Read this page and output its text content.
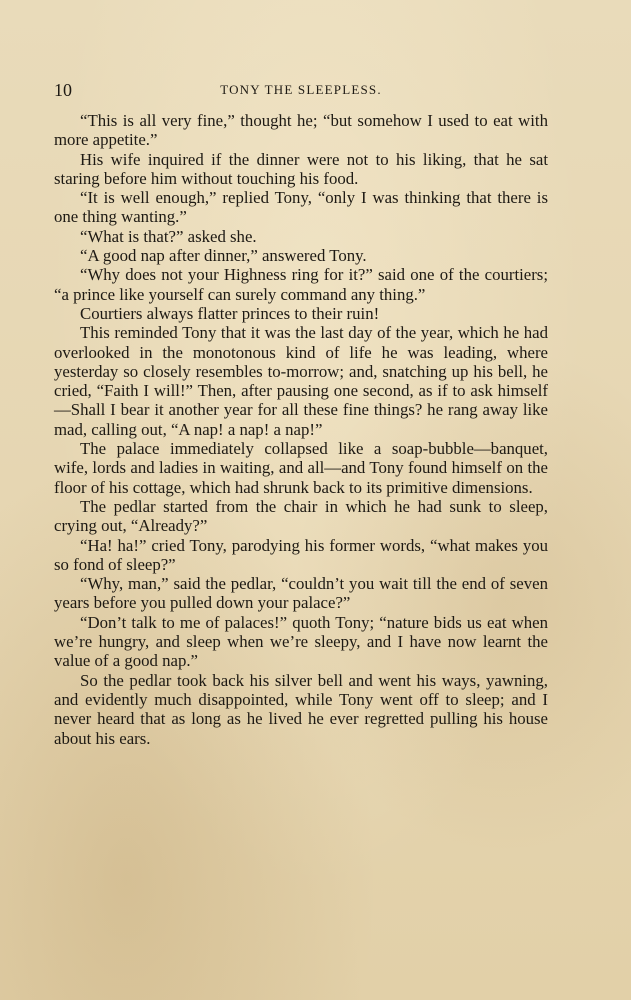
10	TONY THE SLEEPLESS.

“This is all very fine,” thought he; “but somehow I used to eat with more appetite.”

His wife inquired if the dinner were not to his liking, that he sat staring before him without touching his food.

“It is well enough,” replied Tony, “only I was thinking that there is one thing wanting.”

“What is that?” asked she.

“A good nap after dinner,” answered Tony.

“Why does not your Highness ring for it?” said one of the courtiers; “a prince like yourself can surely command any thing.”

Courtiers always flatter princes to their ruin!

This reminded Tony that it was the last day of the year, which he had overlooked in the monotonous kind of life he was leading, where yesterday so closely resembles to-morrow; and, snatching up his bell, he cried, “Faith I will!” Then, after pausing one second, as if to ask himself—Shall I bear it another year for all these fine things? he rang away like mad, calling out, “A nap! a nap! a nap!”

The palace immediately collapsed like a soap-bubble—banquet, wife, lords and ladies in waiting, and all—and Tony found himself on the floor of his cottage, which had shrunk back to its primitive dimensions.

The pedlar started from the chair in which he had sunk to sleep, crying out, “Already?”

“Ha! ha!” cried Tony, parodying his former words, “what makes you so fond of sleep?”

“Why, man,” said the pedlar, “couldn’t you wait till the end of seven years before you pulled down your palace?”

“Don’t talk to me of palaces!” quoth Tony; “nature bids us eat when we’re hungry, and sleep when we’re sleepy, and I have now learnt the value of a good nap.”

So the pedlar took back his silver bell and went his ways, yawning, and evidently much disappointed, while Tony went off to sleep; and I never heard that as long as he lived he ever regretted pulling his house about his ears.
